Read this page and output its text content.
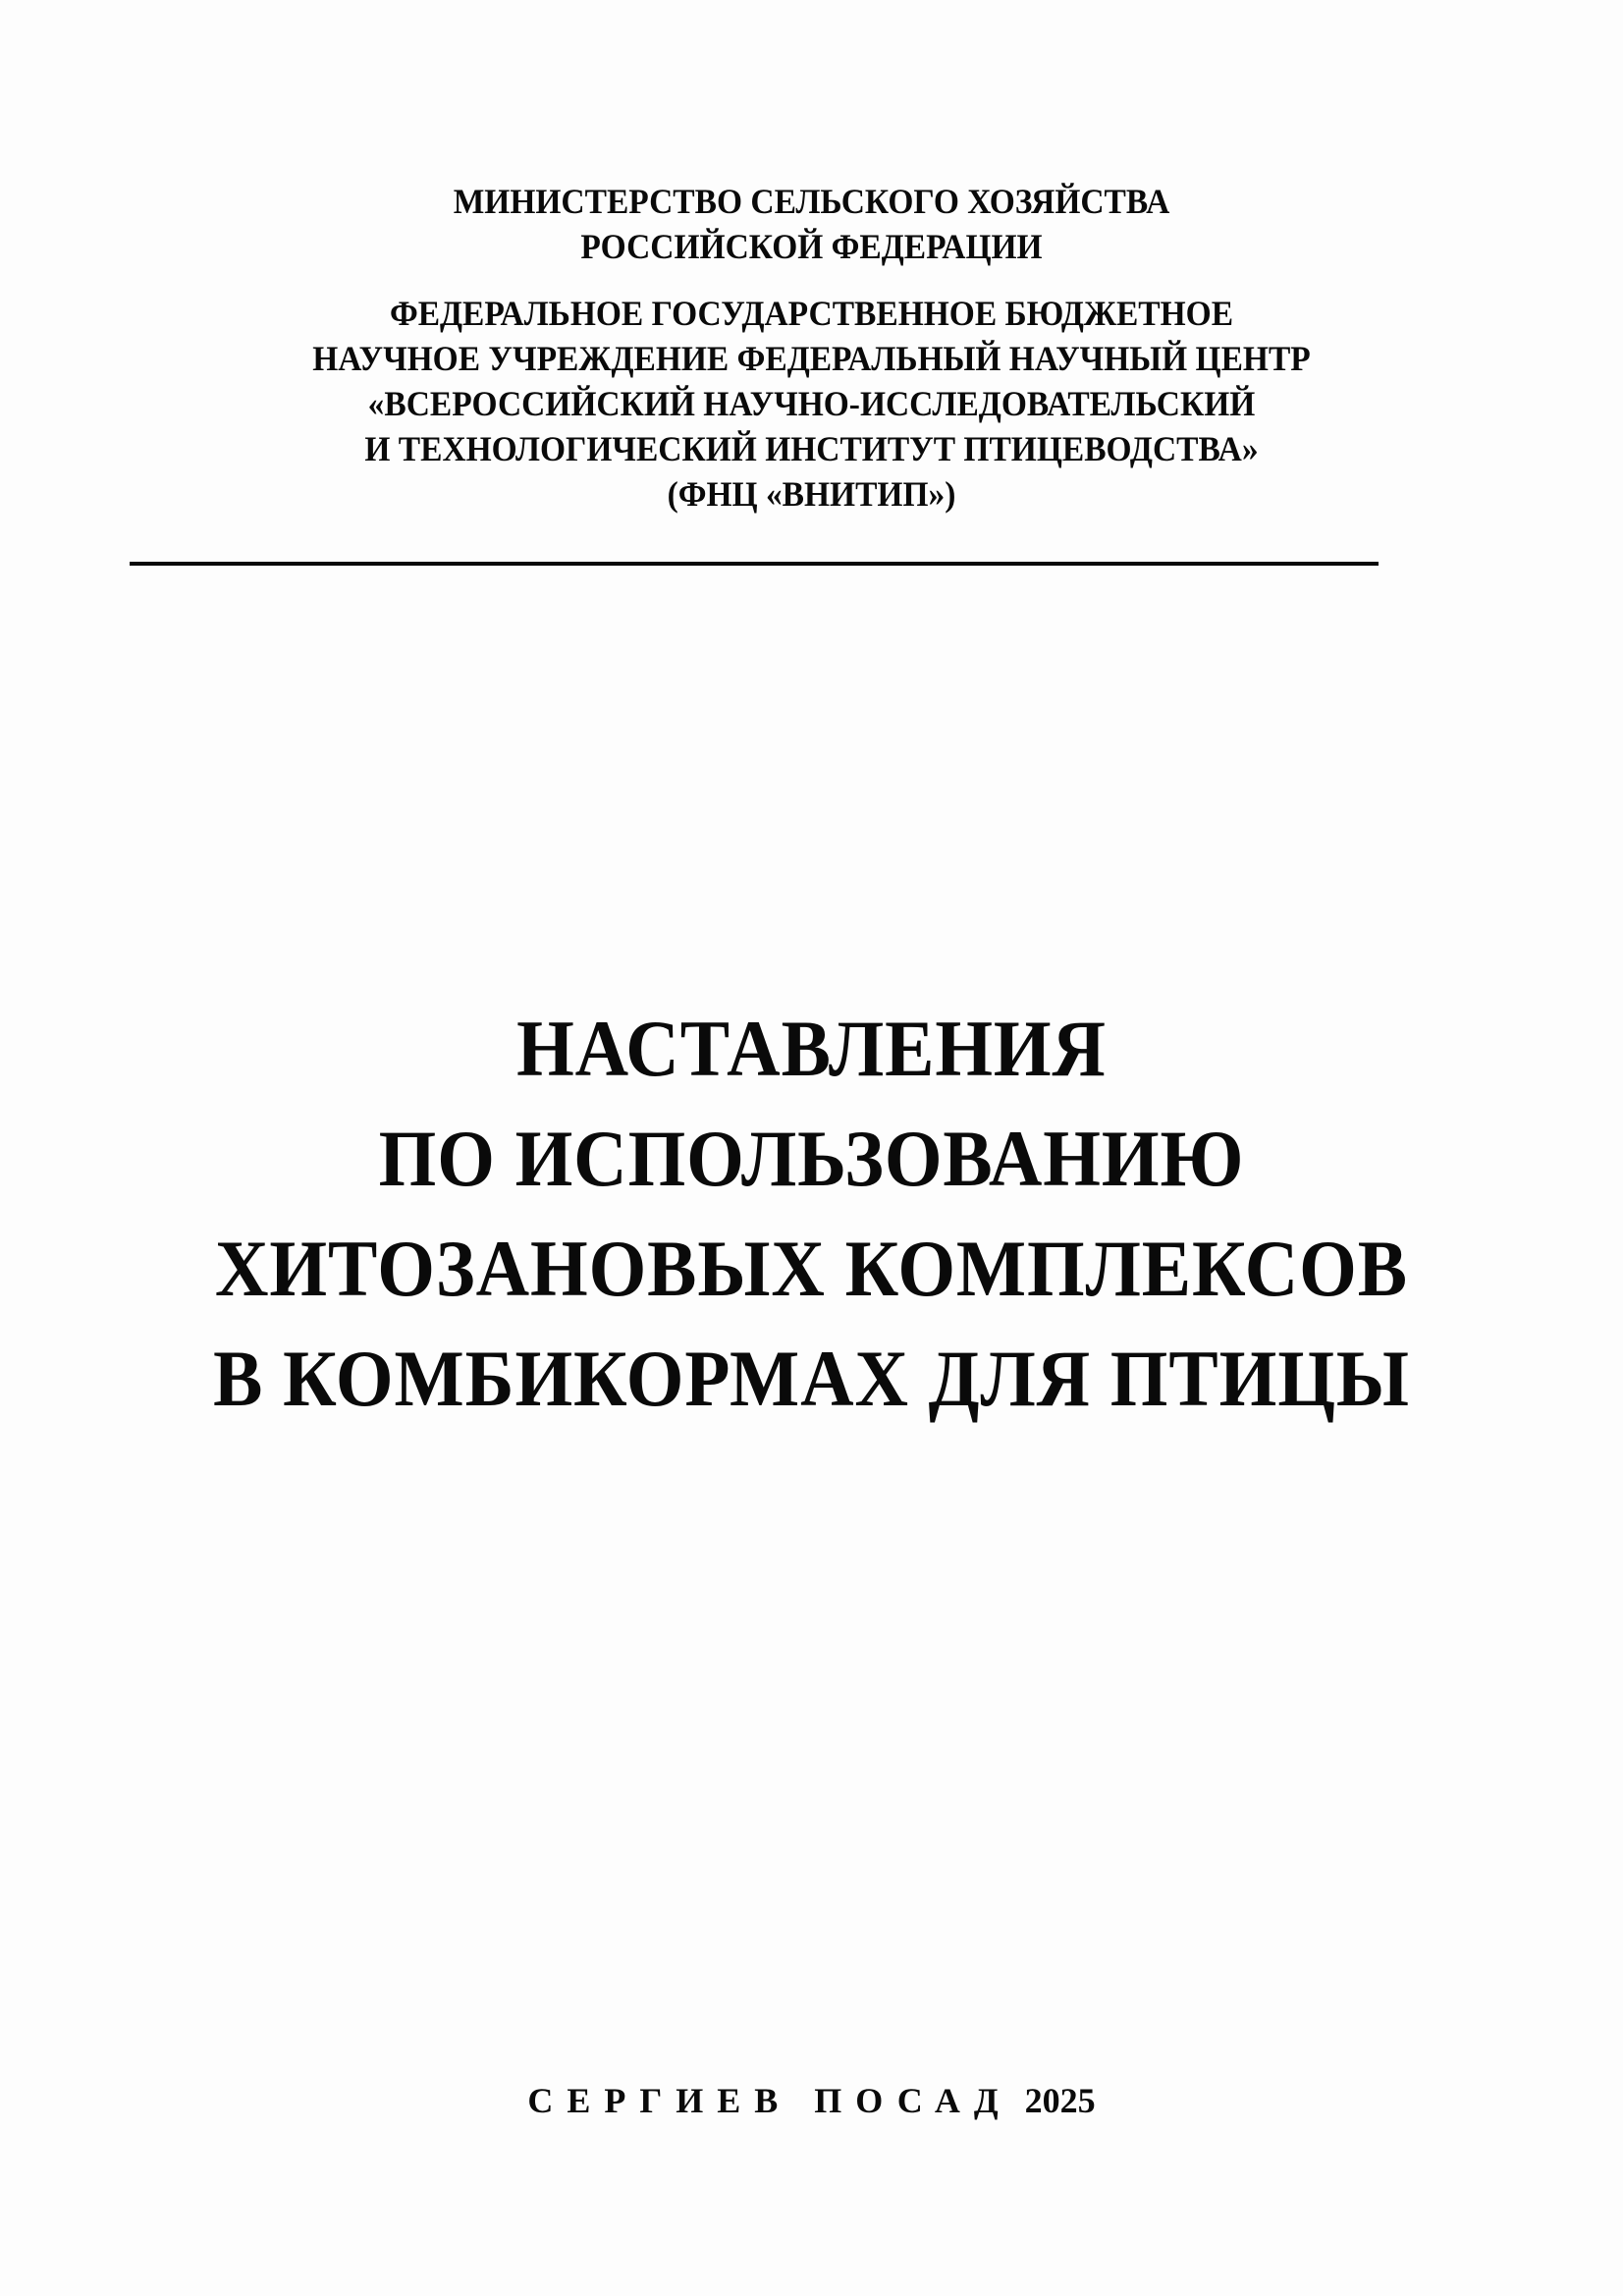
МИНИСТЕРСТВО СЕЛЬСКОГО ХОЗЯЙСТВА
РОССИЙСКОЙ ФЕДЕРАЦИИ
ФЕДЕРАЛЬНОЕ ГОСУДАРСТВЕННОЕ БЮДЖЕТНОЕ
НАУЧНОЕ УЧРЕЖДЕНИЕ ФЕДЕРАЛЬНЫЙ НАУЧНЫЙ ЦЕНТР
«ВСЕРОССИЙСКИЙ НАУЧНО-ИССЛЕДОВАТЕЛЬСКИЙ
И ТЕХНОЛОГИЧЕСКИЙ ИНСТИТУТ ПТИЦЕВОДСТВА»
(ФНЦ «ВНИТИП»)
НАСТАВЛЕНИЯ
ПО ИСПОЛЬЗОВАНИЮ
ХИТОЗАНОВЫХ КОМПЛЕКСОВ
В КОМБИКОРМАХ ДЛЯ ПТИЦЫ
СЕРГИЕВ ПОСАД 2025
